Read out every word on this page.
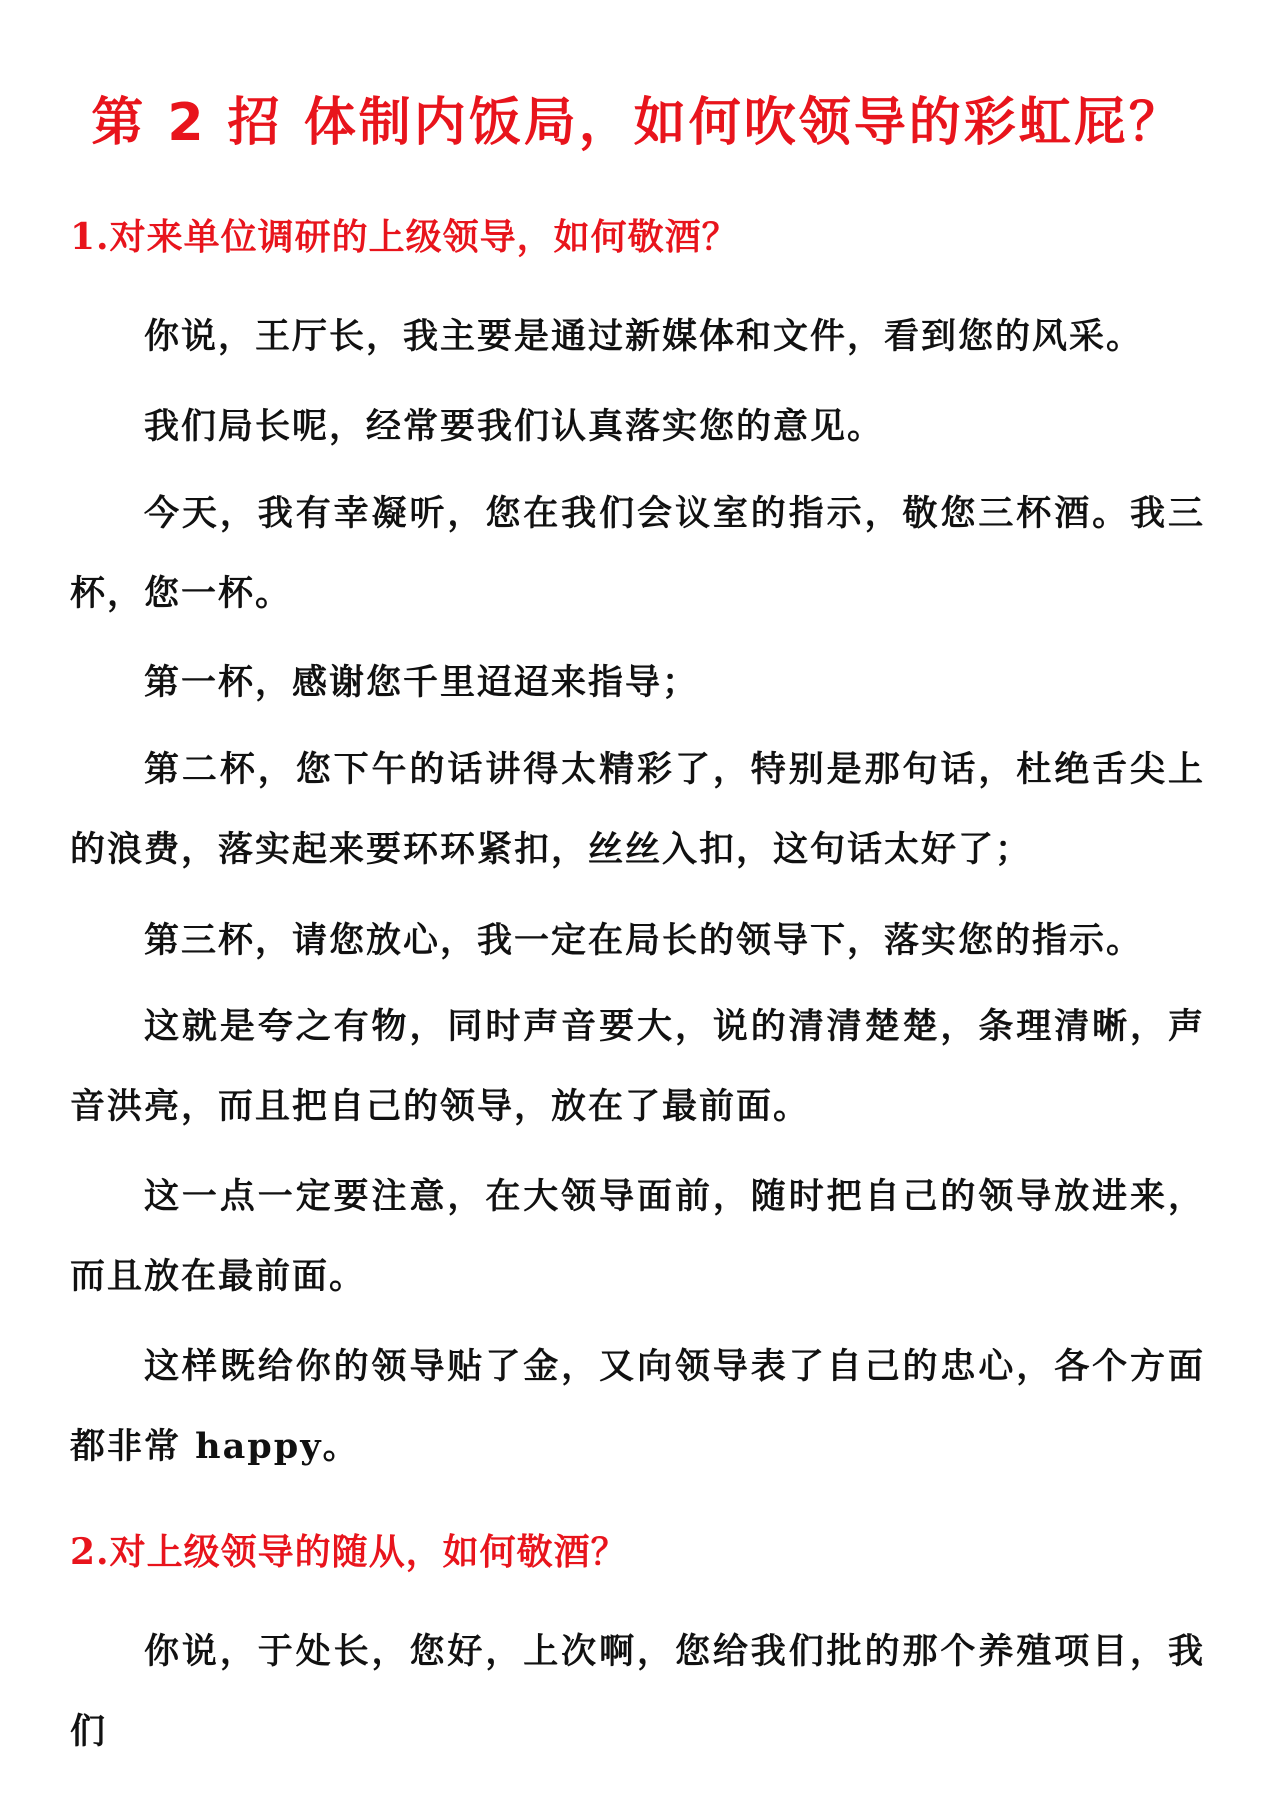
第 2 招 体制内饭局，如何吹领导的彩虹屁？
1.对来单位调研的上级领导，如何敬酒？

你说，王厅长，我主要是通过新媒体和文件，看到您的风采。

我们局长呢，经常要我们认真落实您的意见。

今天，我有幸凝听，您在我们会议室的指示，敬您三杯酒。我三杯，您一杯。

第一杯，感谢您千里迢迢来指导；

第二杯，您下午的话讲得太精彩了，特别是那句话，杜绝舌尖上的浪费，落实起来要环环紧扣，丝丝入扣，这句话太好了；

第三杯，请您放心，我一定在局长的领导下，落实您的指示。

这就是夸之有物，同时声音要大，说的清清楚楚，条理清晰，声音洪亮，而且把自己的领导，放在了最前面。

这一点一定要注意，在大领导面前，随时把自己的领导放进来，而且放在最前面。

这样既给你的领导贴了金，又向领导表了自己的忠心，各个方面都非常 happy。

2.对上级领导的随从，如何敬酒？

你说，于处长，您好，上次啊，您给我们批的那个养殖项目，我们
